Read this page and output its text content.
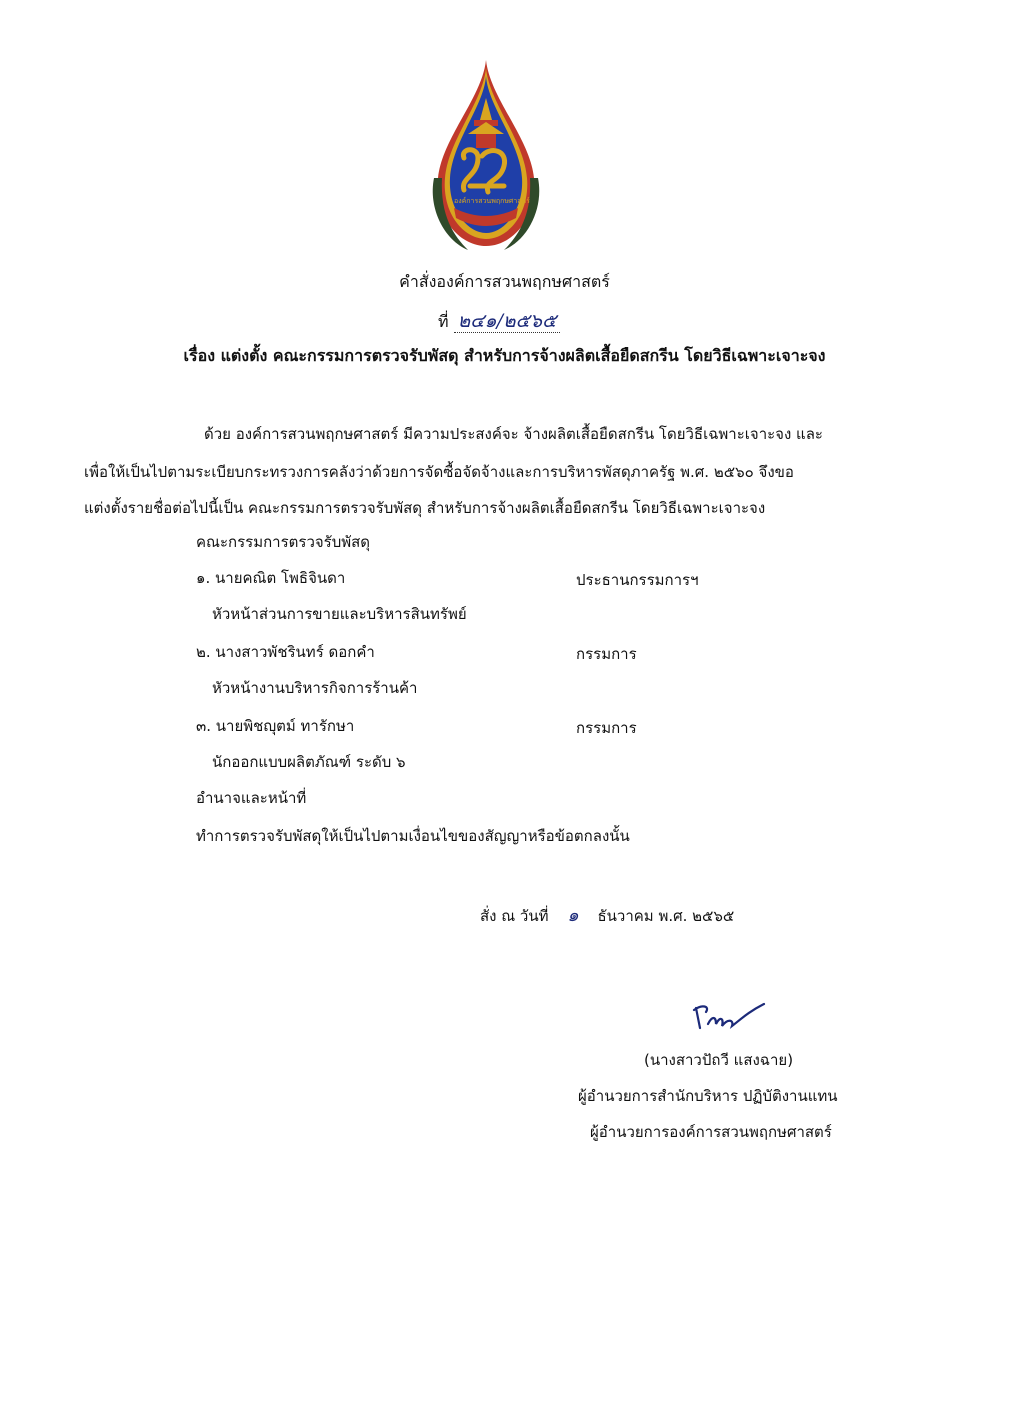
องค์การสวนพฤกษศาสตร์
คำสั่งองค์การสวนพฤกษศาสตร์
ที่ ๒๔๑/๒๕๖๕
เรื่อง แต่งตั้ง คณะกรรมการตรวจรับพัสดุ สำหรับการจ้างผลิตเสื้อยืดสกรีน โดยวิธีเฉพาะเจาะจง
ด้วย องค์การสวนพฤกษศาสตร์ มีความประสงค์จะ จ้างผลิตเสื้อยืดสกรีน โดยวิธีเฉพาะเจาะจง และ
เพื่อให้เป็นไปตามระเบียบกระทรวงการคลังว่าด้วยการจัดซื้อจัดจ้างและการบริหารพัสดุภาครัฐ พ.ศ. ๒๕๖๐ จึงขอ
แต่งตั้งรายชื่อต่อไปนี้เป็น คณะกรรมการตรวจรับพัสดุ สำหรับการจ้างผลิตเสื้อยืดสกรีน โดยวิธีเฉพาะเจาะจง
คณะกรรมการตรวจรับพัสดุ
๑. นายคณิต โพธิจินดา	ประธานกรรมการฯ
หัวหน้าส่วนการขายและบริหารสินทรัพย์
๒. นางสาวพัชรินทร์ ดอกคำ	กรรมการ
หัวหน้างานบริหารกิจการร้านค้า
๓. นายพิชญุตม์ ทารักษา	กรรมการ
นักออกแบบผลิตภัณฑ์ ระดับ ๖
อำนาจและหน้าที่
ทำการตรวจรับพัสดุให้เป็นไปตามเงื่อนไขของสัญญาหรือข้อตกลงนั้น
สั่ง ณ วันที่ ๑ ธันวาคม พ.ศ. ๒๕๖๕
(นางสาวปัถวี แสงฉาย)
ผู้อำนวยการสำนักบริหาร ปฏิบัติงานแทน
ผู้อำนวยการองค์การสวนพฤกษศาสตร์
